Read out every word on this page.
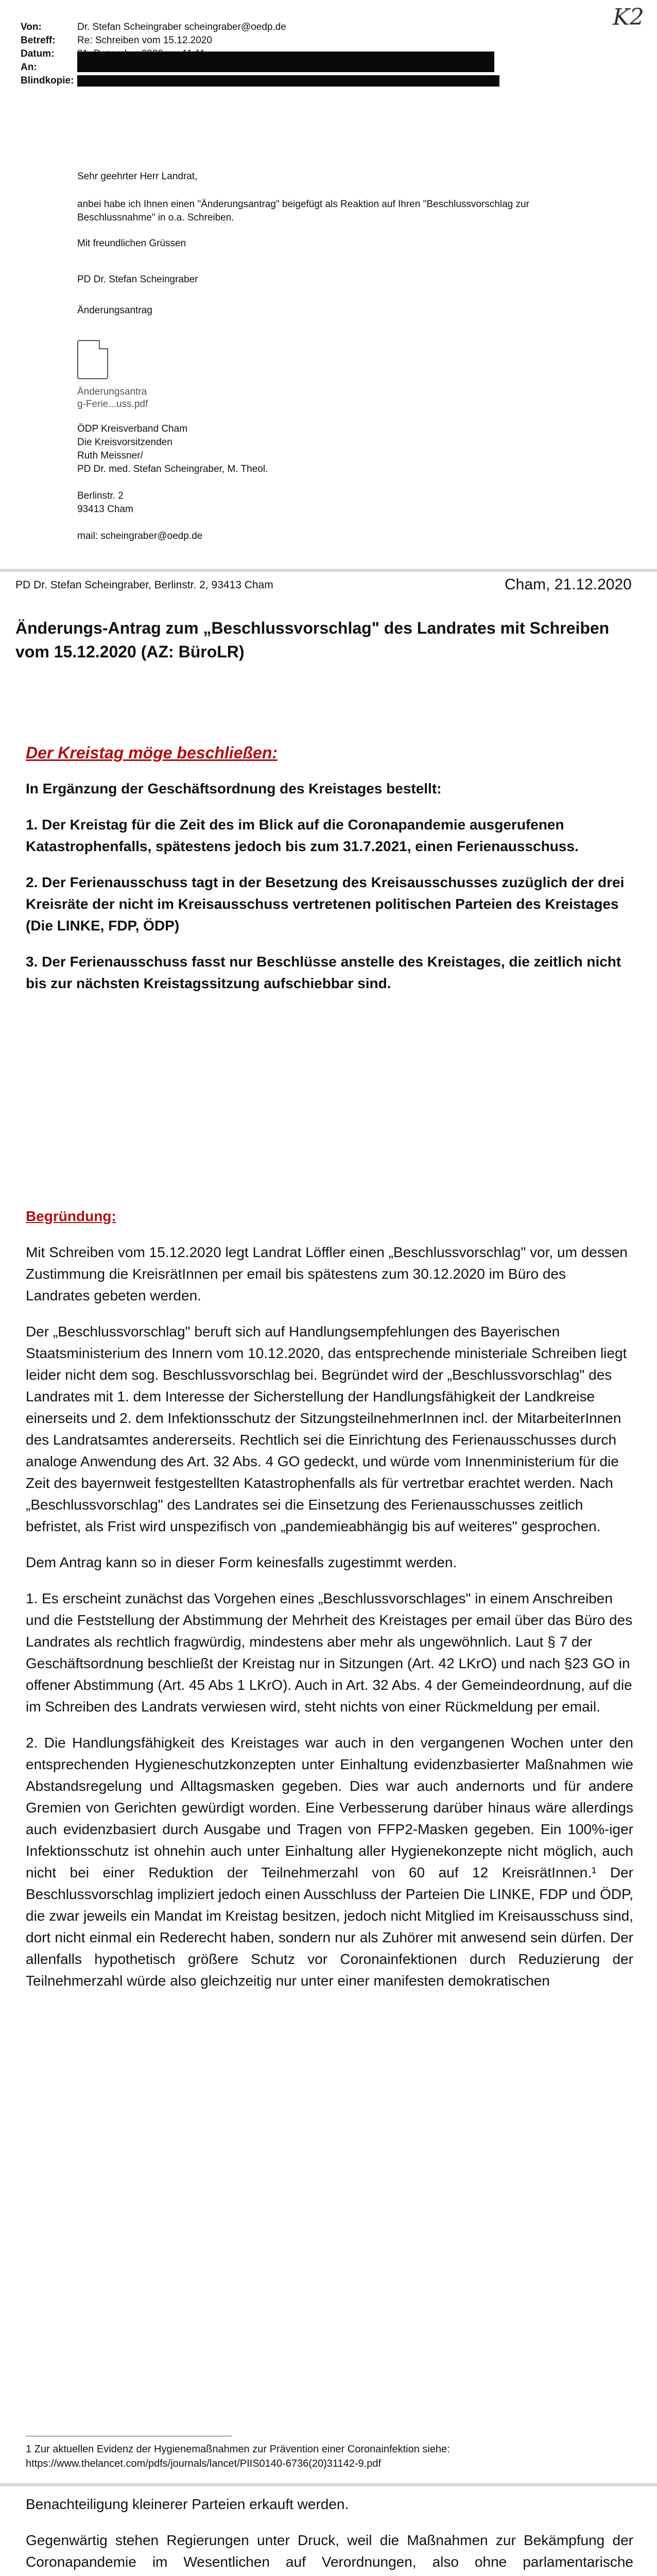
K2
Von:	Dr. Stefan Scheingraber scheingraber@oedp.de
Betreff:	Re: Schreiben vom 15.12.2020
Datum:
An:
Blindkopie:
Sehr geehrter Herr Landrat,
anbei habe ich Ihnen einen "Änderungsantrag" beigefügt als Reaktion auf Ihren "Beschlussvorschlag zur Beschlussnahme" in o.a. Schreiben.
Mit freundlichen Grüssen
PD Dr. Stefan Scheingraber
Änderungsantrag
Änderungsantra
g-Ferie...uss.pdf
ÖDP Kreisverband Cham
Die Kreisvorsitzenden
Ruth Meissner/
PD Dr. med. Stefan Scheingraber, M. Theol.
Berlinstr. 2
93413 Cham
mail: scheingraber@oedp.de
PD Dr. Stefan Scheingraber, Berlinstr. 2, 93413 Cham	Cham, 21.12.2020
Änderungs-Antrag zum „Beschlussvorschlag" des Landrates mit Schreiben vom 15.12.2020 (AZ: BüroLR)

Der Kreistag möge beschließen:

In Ergänzung der Geschäftsordnung des Kreistages bestellt:

1. Der Kreistag für die Zeit des im Blick auf die Coronapandemie ausgerufenen Katastrophenfalls, spätestens jedoch bis zum 31.7.2021, einen Ferienausschuss.

2. Der Ferienausschuss tagt in der Besetzung des Kreisausschusses zuzüglich der drei Kreisräte der nicht im Kreisausschuss vertretenen politischen Parteien des Kreistages (Die LINKE, FDP, ÖDP)

3. Der Ferienausschuss fasst nur Beschlüsse anstelle des Kreistages, die zeitlich nicht bis zur nächsten Kreistagssitzung aufschiebbar sind.

Begründung:

Mit Schreiben vom 15.12.2020 legt Landrat Löffler einen „Beschlussvorschlag" vor, um dessen Zustimmung die KreisrätInnen per email bis spätestens zum 30.12.2020 im Büro des Landrates gebeten werden.

Der „Beschlussvorschlag" beruft sich auf Handlungsempfehlungen des Bayerischen Staatsministerium des Innern vom 10.12.2020, das entsprechende ministeriale Schreiben liegt leider nicht dem sog. Beschlussvorschlag bei. Begründet wird der „Beschlussvorschlag" des Landrates mit 1. dem Interesse der Sicherstellung der Handlungsfähigkeit der Landkreise einerseits und 2. dem Infektionsschutz der SitzungsteilnehmerInnen incl. der MitarbeiterInnen des Landratsamtes andererseits. Rechtlich sei die Einrichtung des Ferienausschusses durch analoge Anwendung des Art. 32 Abs. 4 GO gedeckt, und würde vom Innenministerium für die Zeit des bayernweit festgestellten Katastrophenfalls als für vertretbar erachtet werden. Nach „Beschlussvorschlag" des Landrates sei die Einsetzung des Ferienausschusses zeitlich befristet, als Frist wird unspezifisch von „pandemieabhängig bis auf weiteres" gesprochen.

Dem Antrag kann so in dieser Form keinesfalls zugestimmt werden.

1. Es erscheint zunächst das Vorgehen eines „Beschlussvorschlages" in einem Anschreiben und die Feststellung der Abstimmung der Mehrheit des Kreistages per email über das Büro des Landrates als rechtlich fragwürdig, mindestens aber mehr als ungewöhnlich. Laut § 7 der Geschäftsordnung beschließt der Kreistag nur in Sitzungen (Art. 42 LKrO) und nach §23 GO in offener Abstimmung (Art. 45 Abs 1 LKrO). Auch in Art. 32 Abs. 4 der Gemeindeordnung, auf die im Schreiben des Landrats verwiesen wird, steht nichts von einer Rückmeldung per email.

2. Die Handlungsfähigkeit des Kreistages war auch in den vergangenen Wochen unter den entsprechenden Hygieneschutzkonzepten unter Einhaltung evidenzbasierter Maßnahmen wie Abstandsregelung und Alltagsmasken gegeben. Dies war auch andernorts und für andere Gremien von Gerichten gewürdigt worden. Eine Verbesserung darüber hinaus wäre allerdings auch evidenzbasiert durch Ausgabe und Tragen von FFP2-Masken gegeben. Ein 100%-iger Infektionsschutz ist ohnehin auch unter Einhaltung aller Hygienekonzepte nicht möglich, auch nicht bei einer Reduktion der Teilnehmerzahl von 60 auf 12 KreisrätInnen.¹ Der Beschlussvorschlag impliziert jedoch einen Ausschluss der Parteien Die LINKE, FDP und ÖDP, die zwar jeweils ein Mandat im Kreistag besitzen, jedoch nicht Mitglied im Kreisausschuss sind, dort nicht einmal ein Rederecht haben, sondern nur als Zuhörer mit anwesend sein dürfen. Der allenfalls hypothetisch größere Schutz vor Coronainfektionen durch Reduzierung der Teilnehmerzahl würde also gleichzeitig nur unter einer manifesten demokratischen

1 Zur aktuellen Evidenz der Hygienemaßnahmen zur Prävention einer Coronainfektion siehe: https://www.thelancet.com/pdfs/journals/lancet/PIIS0140-6736(20)31142-9.pdf

Benachteiligung kleinerer Parteien erkauft werden.

Gegenwärtig stehen Regierungen unter Druck, weil die Maßnahmen zur Bekämpfung der Coronapandemie im Wesentlichen auf Verordnungen, also ohne parlamentarische
